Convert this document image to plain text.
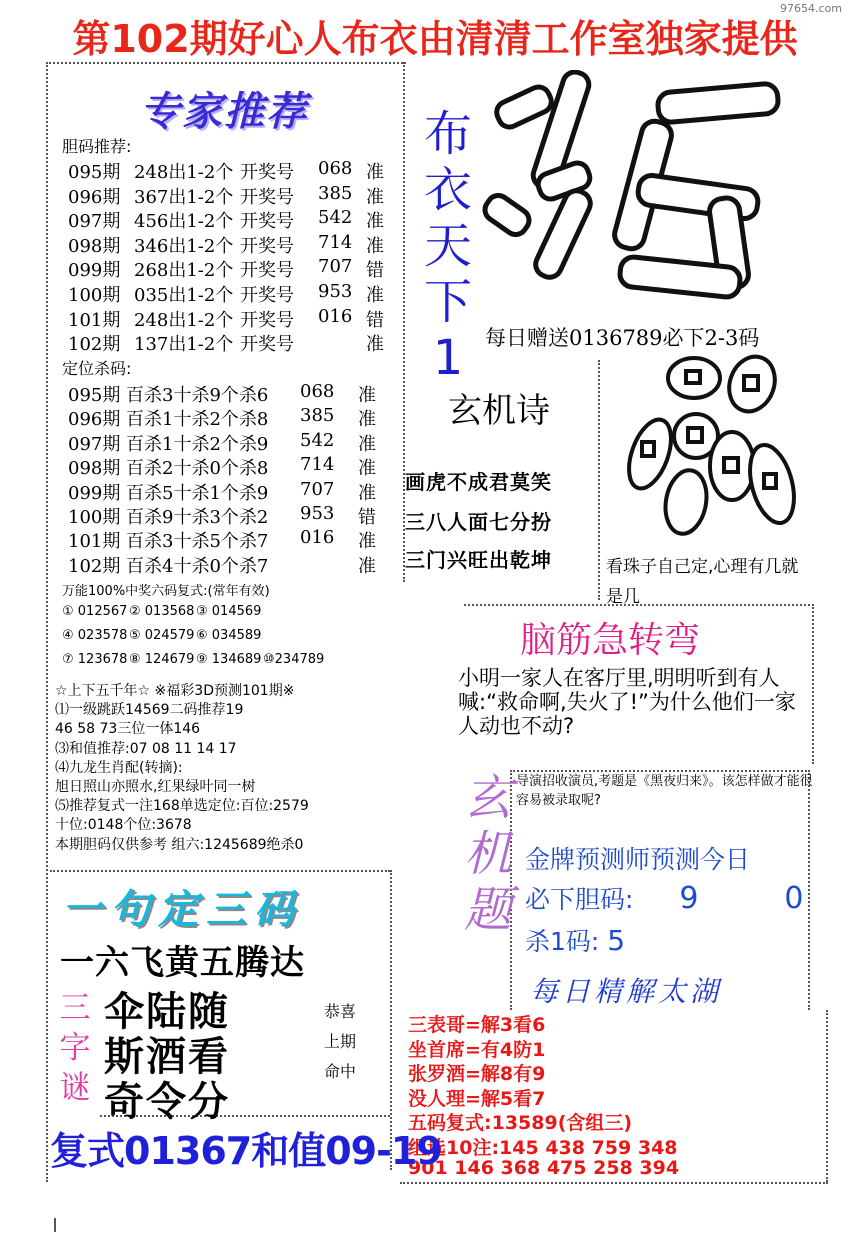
97654.com
第102期好心人布衣由清清工作室独家提供
专家推荐
胆码推荐:
095期 248出1-2个 开奖号 068 准
096期 367出1-2个 开奖号 385 准
097期 456出1-2个 开奖号 542 准
098期 346出1-2个 开奖号 714 准
099期 268出1-2个 开奖号 707 错
100期 035出1-2个 开奖号 953 准
101期 248出1-2个 开奖号 016 错
102期 137出1-2个 开奖号	准
定位杀码:
095期 百杀3十杀9个杀6 068 准
096期 百杀1十杀2个杀8 385 准
097期 百杀1十杀2个杀9 542 准
098期 百杀2十杀0个杀8 714 准
099期 百杀5十杀1个杀9 707 准
100期 百杀9十杀3个杀2 953 错
101期 百杀3十杀5个杀7 016 准
102期 百杀4十杀0个杀7	准
万能100%中奖六码复式:(常年有效)
① 012567 ② 013568 ③ 014569
④ 023578 ⑤ 024579 ⑥ 034589
⑦ 123678 ⑧ 124679 ⑨ 134689 ⑩234789
布
衣
天
下
1	每日赠送0136789必下2-3码
玄机诗
画虎不成君莫笑
三八人面七分扮
三门兴旺出乾坤	看珠子自己定,心理有几就是几
脑筋急转弯
小明一家人在客厅里,明明听到有人喊:“救命啊,失火了!”为什么他们一家人动也不动?
☆上下五千年☆ ※福彩3D预测101期※
⑴一级跳跃14569二码推荐19
46 58 73三位一体146
⑶和值推荐:07 08 11 14 17
⑷九龙生肖配(转摘):
旭日照山亦照水,红果绿叶同一树
⑸推荐复式一注168单选定位:百位:2579
十位:0148个位:3678
本期胆码仅供参考 组六:1245689绝杀0
玄
机
题
导演招收演员,考题是《黑夜归来》。该怎样做才能很容易被录取呢?
金牌预测师预测今日
必下胆码: 9	0
杀1码: 5
每日精解太湖
三表哥=解3看6
坐首席=有4防1
张罗酒=解8有9
没人理=解5看7
五码复式:13589(含组三)
组选10注:145 438 759 348
901 146 368 475 258 394
一句定三码
一六飞黄五腾达
三
字
谜
伞陆随
斯酒看
奇令分
恭喜
上期
命中
复式01367和值09-19
